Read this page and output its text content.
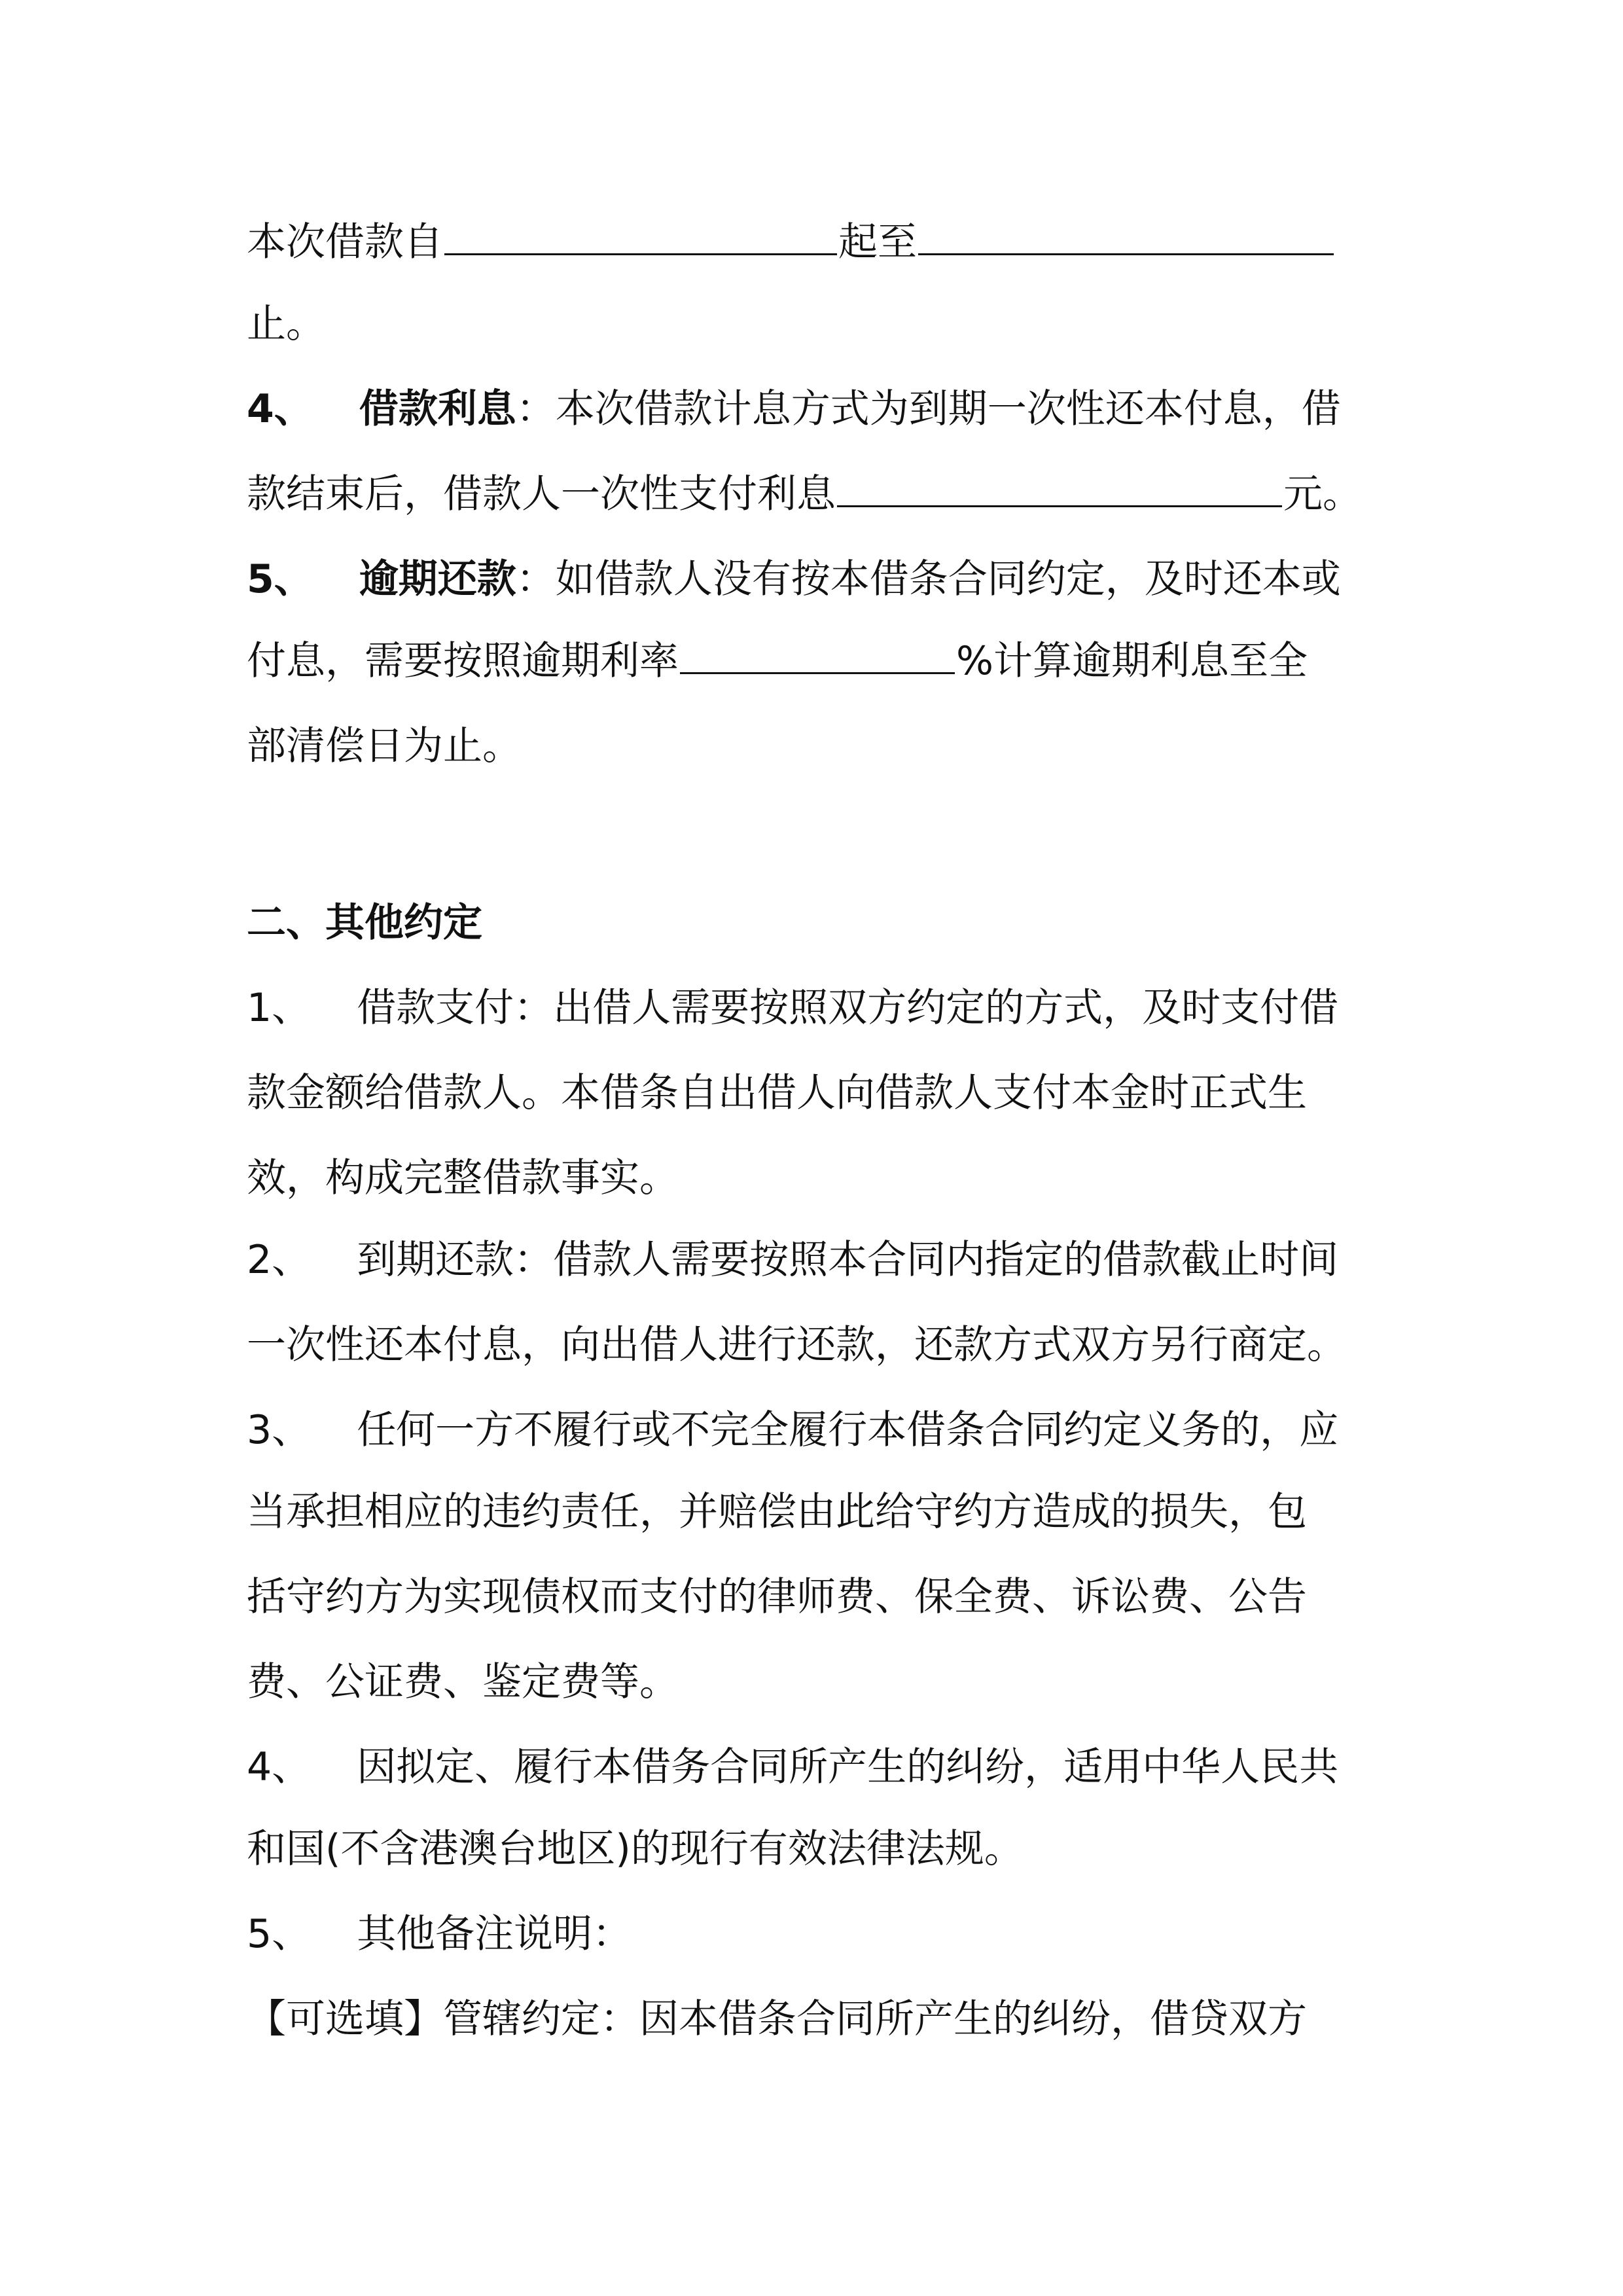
本次借款自	起至
止。
4、 借款利息：本次借款计息方式为到期一次性还本付息，借
款结束后，借款人一次性支付利息	元。
5、 逾期还款：如借款人没有按本借条合同约定，及时还本或
付息，需要按照逾期利率	%计算逾期利息至全
部清偿日为止。
二、其他约定
1、 借款支付：出借人需要按照双方约定的方式，及时支付借
款金额给借款人。本借条自出借人向借款人支付本金时正式生
效，构成完整借款事实。
2、 到期还款：借款人需要按照本合同内指定的借款截止时间
一次性还本付息，向出借人进行还款，还款方式双方另行商定。
3、 任何一方不履行或不完全履行本借条合同约定义务的，应
当承担相应的违约责任，并赔偿由此给守约方造成的损失，包
括守约方为实现债权而支付的律师费、保全费、诉讼费、公告
费、公证费、鉴定费等。
4、 因拟定、履行本借务合同所产生的纠纷，适用中华人民共
和国(不含港澳台地区)的现行有效法律法规。
5、 其他备注说明：
【可选填】管辖约定：因本借条合同所产生的纠纷，借贷双方
